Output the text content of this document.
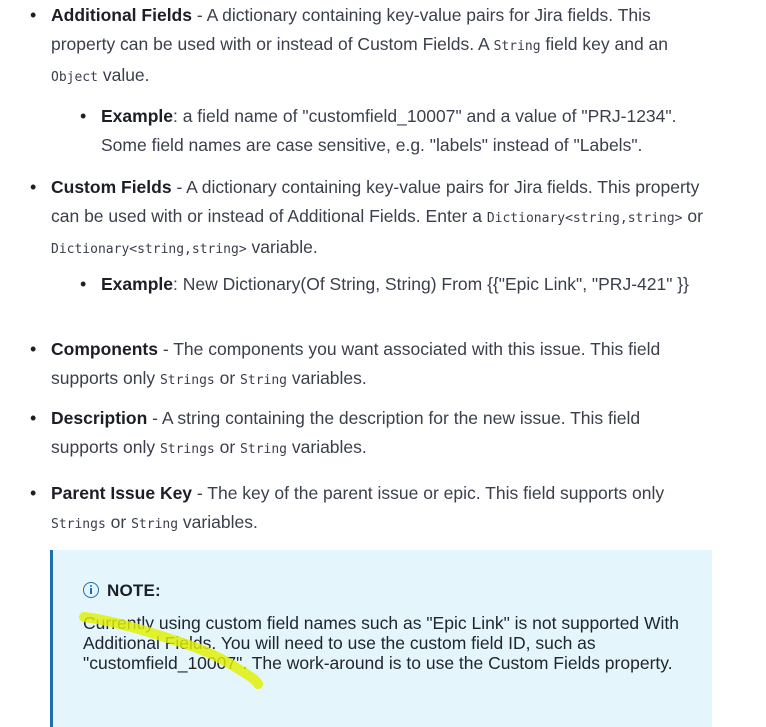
• Additional Fields - A dictionary containing key-value pairs for Jira fields. This property can be used with or instead of Custom Fields. A String field key and an Object value.
• Example: a field name of "customfield_10007" and a value of "PRJ-1234". Some field names are case sensitive, e.g. "labels" instead of "Labels".
• Custom Fields - A dictionary containing key-value pairs for Jira fields. This property can be used with or instead of Additional Fields. Enter a Dictionary<string,string> or Dictionary<string,string> variable.
• Example: New Dictionary(Of String, String) From {{"Epic Link", "PRJ-421" }}
• Components - The components you want associated with this issue. This field supports only Strings or String variables.
• Description - A string containing the description for the new issue. This field supports only Strings or String variables.
• Parent Issue Key - The key of the parent issue or epic. This field supports only Strings or String variables.
NOTE:
Currently using custom field names such as "Epic Link" is not supported With Additional Fields. You will need to use the custom field ID, such as "customfield_10007". The work-around is to use the Custom Fields property.
